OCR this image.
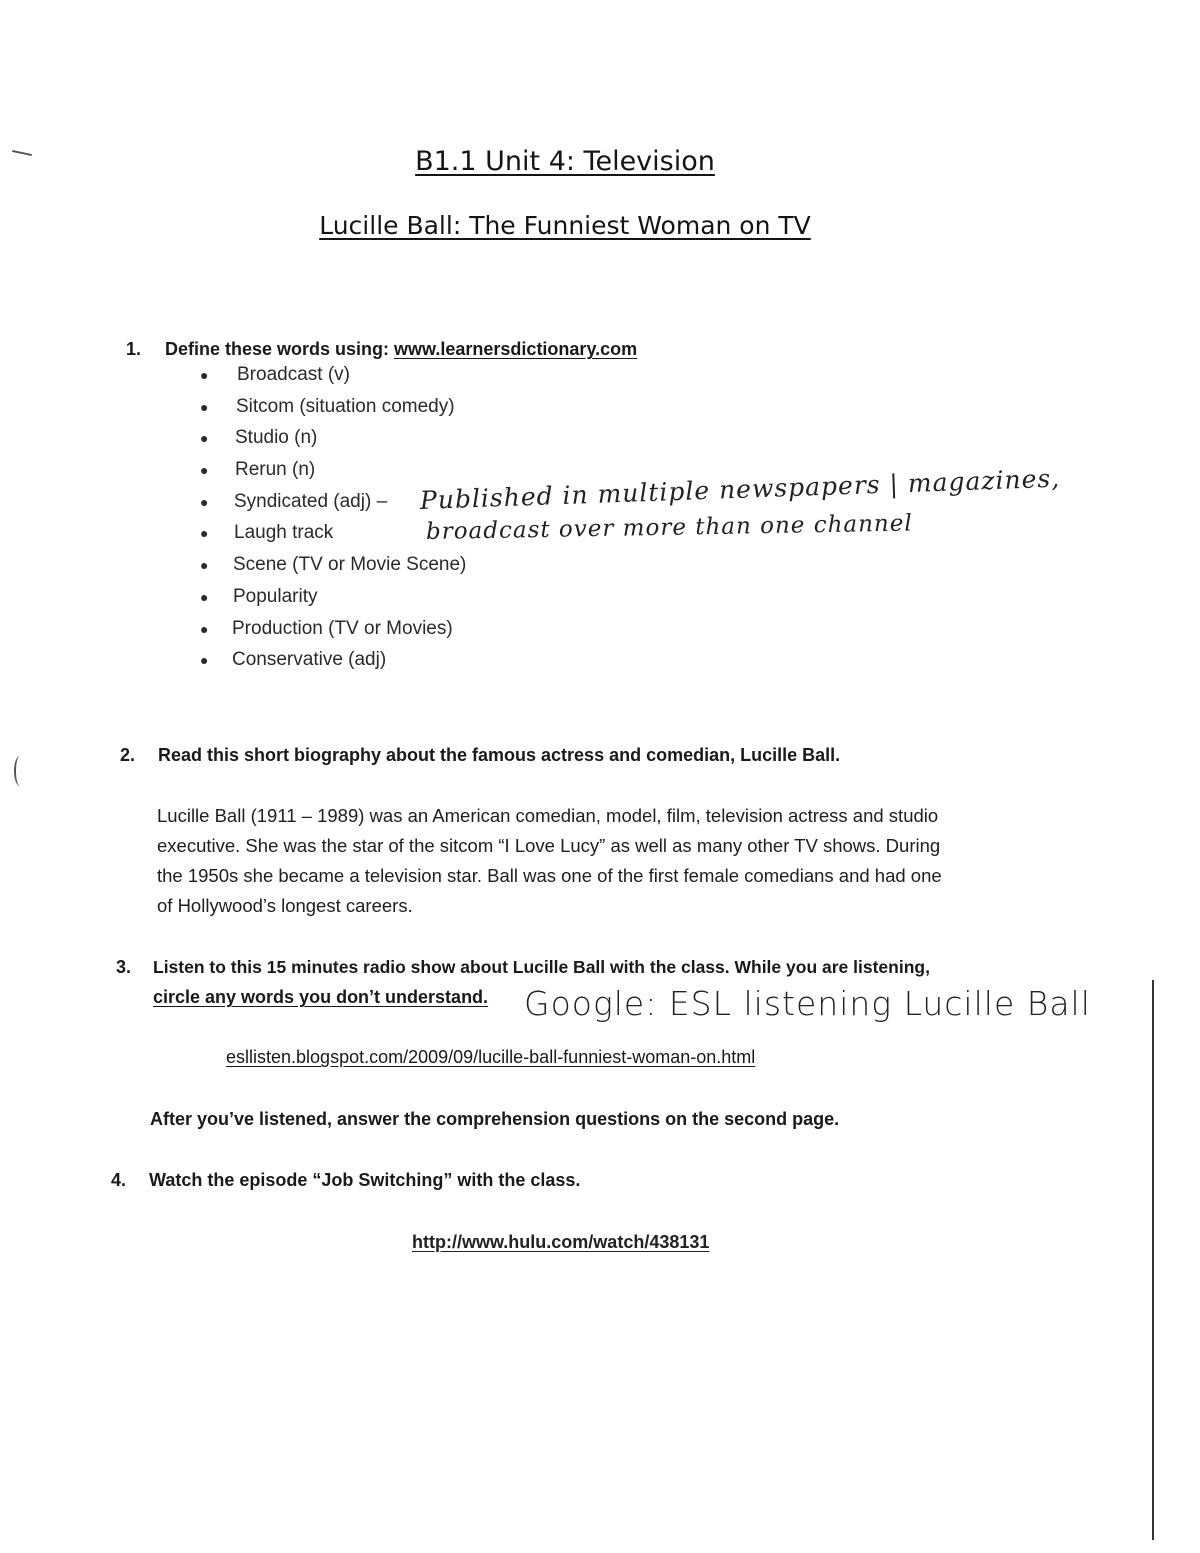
B1.1 Unit 4: Television
Lucille Ball: The Funniest Woman on TV
1. Define these words using: www.learnersdictionary.com
● Broadcast (v)
● Sitcom (situation comedy)
● Studio (n)
● Rerun (n)
● Syndicated (adj) –
● Laugh track
● Scene (TV or Movie Scene)
● Popularity
● Production (TV or Movies)
● Conservative (adj)
Published in multiple newspapers | magazines,
broadcast over more than one channel
2. Read this short biography about the famous actress and comedian, Lucille Ball.
Lucille Ball (1911 – 1989) was an American comedian, model, film, television actress and studio
executive. She was the star of the sitcom “I Love Lucy” as well as many other TV shows. During
the 1950s she became a television star. Ball was one of the first female comedians and had one
of Hollywood’s longest careers.
3. Listen to this 15 minutes radio show about Lucille Ball with the class. While you are listening,
circle any words you don’t understand. Google: ESL listening Lucille Ball
esllisten.blogspot.com/2009/09/lucille-ball-funniest-woman-on.html
After you’ve listened, answer the comprehension questions on the second page.
4. Watch the episode “Job Switching” with the class.
http://www.hulu.com/watch/438131
